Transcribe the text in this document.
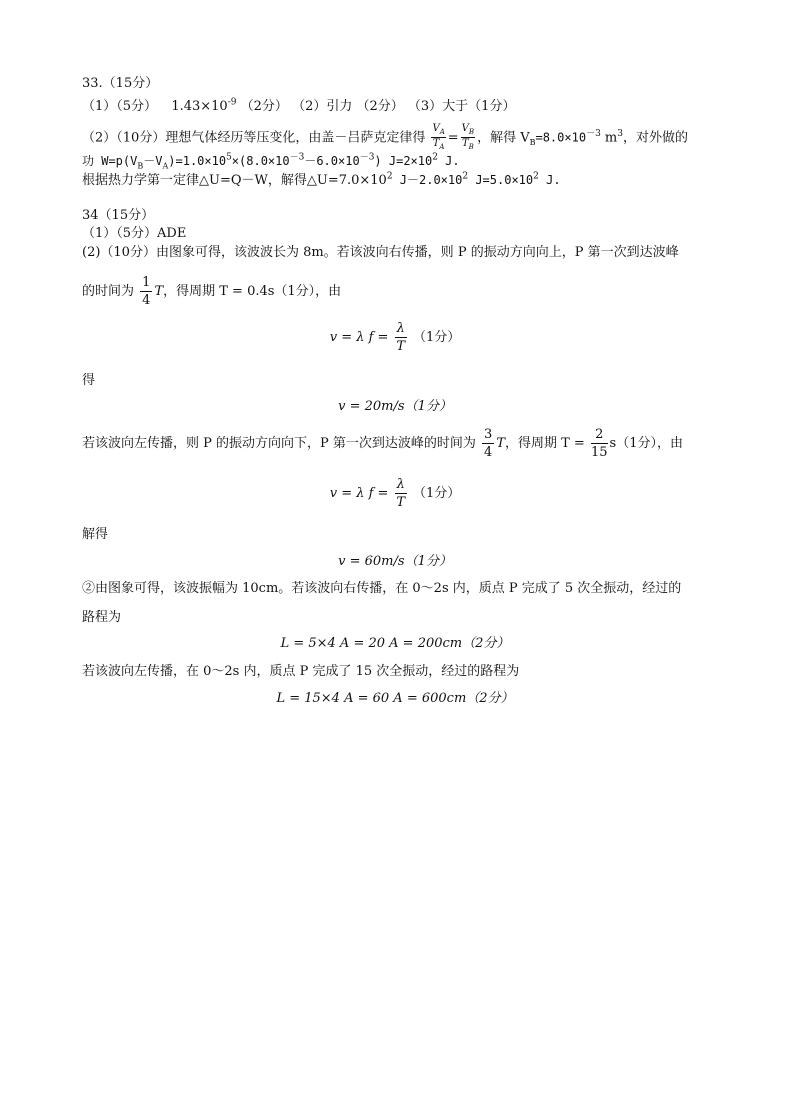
33.（15分）
（1）（5分） $1.43\times 10^{-9}$ （2分） （2）引力 （2分） （3）大于（1分）
（2）（10分）理想气体经历等压变化，由盖－吕萨克定律得 $\frac{V_A}{T_A} = \frac{V_B}{T_B}$ ，解得 $V_B=8.0\times 10^{-3}$ $m^3$，对外做的
功 $W=p(V_B-V_A)=1.0\times 10^5\times(8.0\times 10^{-3}-6.0\times 10^{-3})$ $J=2\times 10^2$ J.
根据热力学第一定律△U=Q－W，解得$\triangle U=7.0\times 10^2$ $J-2.0\times 10^2$ $J=5.0\times 10^2$ J.
34（15分）
（1）（5分）ADE
(2)（10分）由图象可得，该波波长为 8m。若该波向右传播，则 P 的振动方向向上，P 第一次到达波峰
的时间为 $\frac{1}{4}$ T，得周期 T = 0.4s（1分），由
v = λ $f = \frac{\lambda}{T} (1$分）
得
v = 20m/s（1分）
若该波向左传播，则 P 的振动方向向下，P 第一次到达波峰的时间为 $\frac{3}{4}$ T，得周期 $T = \frac{2}{15} s(1$分），由
v = λ $f = \frac{\lambda}{T} (1$分）
解得
v = 60m/s（1分）
②由图象可得，该波振幅为 10cm。若该波向右传播，在 0～2s 内，质点 P 完成了 5 次全振动，经过的
路程为
L = 5×4 A = 20 A = 200cm（2分）
若该波向左传播，在 0～2s 内，质点 P 完成了 15 次全振动，经过的路程为
L = 15×4 A = 60 A = 600cm（2分）
